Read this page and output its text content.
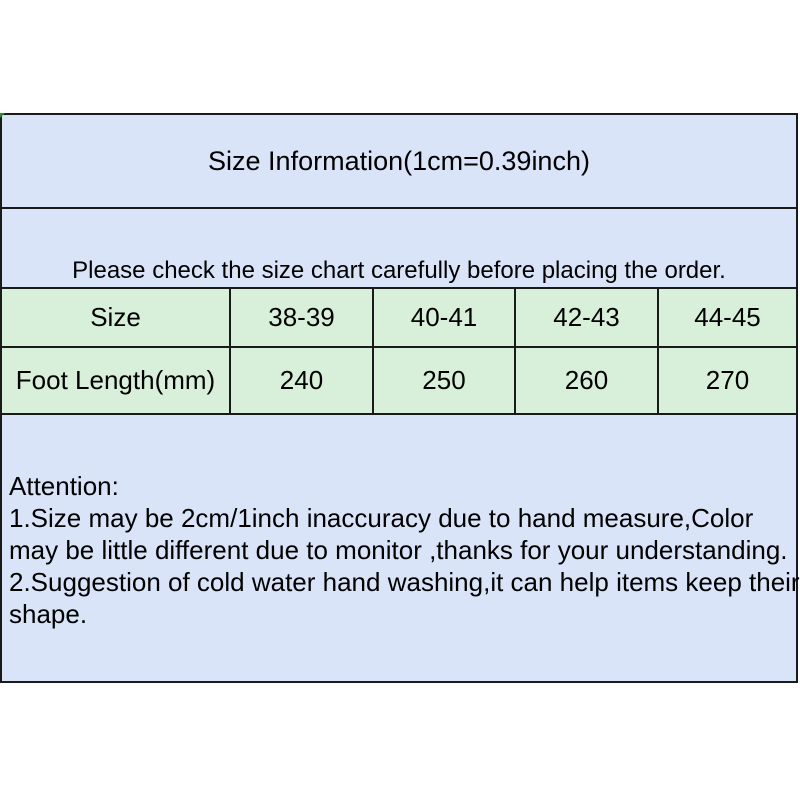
Size Information(1cm=0.39inch)
Please check the size chart carefully before placing the order.
Size	38-39	40-41	42-43	44-45
Foot Length(mm)	240	250	260	270
Attention:
1.Size may be 2cm/1inch inaccuracy due to hand measure,Color
may be little different due to monitor ,thanks for your understanding.
2.Suggestion of cold water hand washing,it can help items keep their
shape.
